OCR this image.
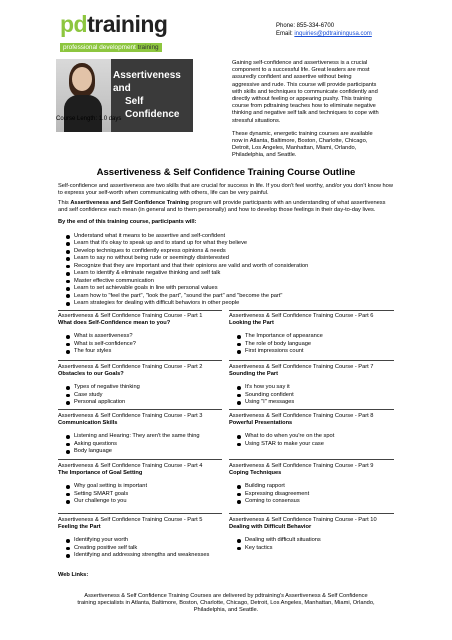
pdtraining
professional development training
Phone: 855-334-6700
Email: inquiries@pdtrainingusa.com
Assertiveness and
Self Confidence
Course Length: 1.0 days

Gaining self-confidence and assertiveness is a crucial component to a successful life. Great leaders are most assuredly confident and assertive without being aggressive and rude. This course will provide participants with skills and techniques to communicate confidently and directly without feeling or appearing pushy. This training course from pdtraining teaches how to eliminate negative thinking and negative self talk and techniques to cope with stressful situations.

These dynamic, energetic training courses are available now in Atlanta, Baltimore, Boston, Charlotte, Chicago, Detroit, Los Angeles, Manhattan, Miami, Orlando, Philadelphia, and Seattle.

Assertiveness & Self Confidence Training Course Outline
Self-confidence and assertiveness are two skills that are crucial for success in life. If you don't feel worthy, and/or you don't know how to express your self-worth when communicating with others, life can be very painful.
This Assertiveness and Self Confidence Training program will provide participants with an understanding of what assertiveness and self confidence each mean (in general and to them personally) and how to develop those feelings in their day-to-day lives.
By the end of this training course, participants will:
Understand what it means to be assertive and self-confident
Learn that it's okay to speak up and to stand up for what they believe
Develop techniques to confidently express opinions & needs
Learn to say no without being rude or seemingly disinterested
Recognize that they are important and that their opinions are valid and worth of consideration
Learn to identify & eliminate negative thinking and self talk
Master effective communication
Learn to set achievable goals in line with personal values
Learn how to "feel the part", "look the part", "sound the part" and "become the part"
Learn strategies for dealing with difficult behaviors in other people
Assertiveness & Self Confidence Training Course - Part 1
What does Self-Confidence mean to you?
What is assertiveness?
What is self-confidence?
The four styles
Assertiveness & Self Confidence Training Course - Part 6
Looking the Part
The Importance of appearance
The role of body language
First impressions count
Assertiveness & Self Confidence Training Course - Part 2
Obstacles to our Goals?
Types of negative thinking
Case study
Personal application
Assertiveness & Self Confidence Training Course - Part 7
Sounding the Part
It's how you say it
Sounding confident
Using "I" messages
Assertiveness & Self Confidence Training Course - Part 3
Communication Skills
Listening and Hearing: They aren't the same thing
Asking questions
Body language
Assertiveness & Self Confidence Training Course - Part 8
Powerful Presentations
What to do when you're on the spot
Using STAR to make your case
Assertiveness & Self Confidence Training Course - Part 4
The Importance of Goal Setting
Why goal setting is important
Setting SMART goals
Our challenge to you
Assertiveness & Self Confidence Training Course - Part 9
Coping Techniques
Building rapport
Expressing disagreement
Coming to consensus
Assertiveness & Self Confidence Training Course - Part 5
Feeling the Part
Identifying your worth
Creating positive self talk
Identifying and addressing strengths and weaknesses
Assertiveness & Self Confidence Training Course - Part 10
Dealing with Difficult Behavior
Dealing with difficult situations
Key tactics
Web Links:
Assertiveness & Self Confidence Training Courses are delivered by pdtraining's Assertiveness & Self Confidence
training specialists in Atlanta, Baltimore, Boston, Charlotte, Chicago, Detroit, Los Angeles, Manhattan, Miami, Orlando,
Philadelphia, and Seattle.
